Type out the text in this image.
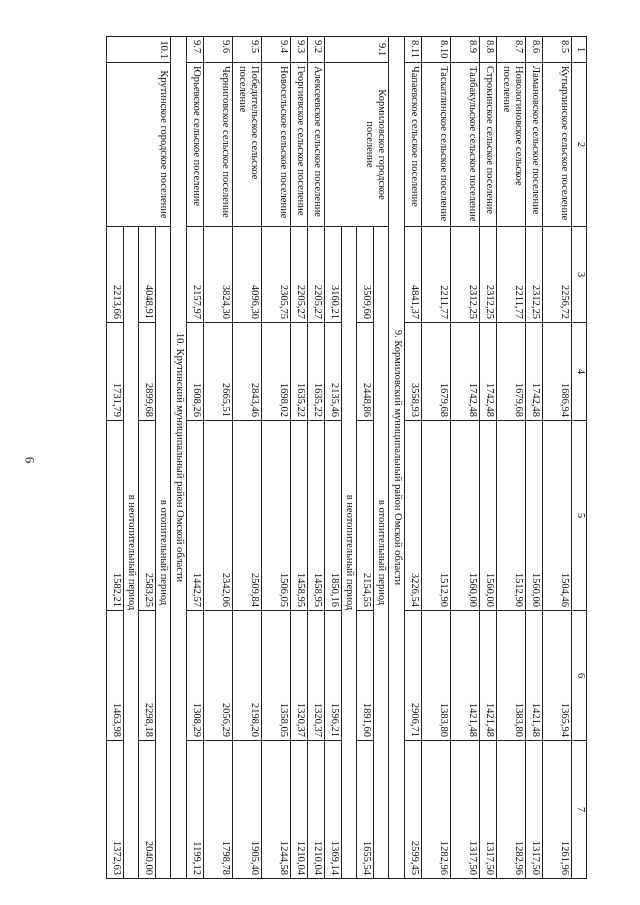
6
1	2	3	4	5	6	7
8.5	Кутырлинское сельское поселение	2256,72	1686,94	1504,46	1365,94	1261,96
8.6	Ламановское сельское поселение	2312,25	1742,48	1560,00	1421,48	1317,50
8.7	Новологиновское сельское поселение	2211,77	1679,68	1512,90	1383,80	1282,96
8.8	Строкинское сельское поселение	2312,25	1742,48	1560,00	1421,48	1317,50
8.9	Талбакульское сельское поселение	2312,25	1742,48	1560,00	1421,48	1317,50
8.10	Таскатлинское сельское поселение	2211,77	1679,68	1512,90	1383,80	1282,96
8.11	Чапаевское сельское поселение	4841,37	3558,93	3226,54	2906,71	2599,45
9. Кормиловский муниципальный район Омской области						
9.1	Кормиловское городское поселение	в отопительный период				
		3509,60	2448,86	2154,55	1891,60	1655,54
		в неотопительный период				
		3160,21	2135,46	1850,16	1596,21	1369,14
9.2	Алексеевское сельское поселение	2205,27	1635,22	1458,95	1320,37	1210,04
9.3	Георгиевское сельское поселение	2205,27	1635,22	1458,95	1320,37	1210,04
9.4	Новосельское сельское поселение	2305,75	1698,02	1506,05	1358,05	1244,58
9.5	Победительское сельское поселение	4096,30	2843,46	2509,84	2198,20	1905,40
9.6	Черниговское сельское поселение	3824,30	2665,51	2342,06	2056,29	1798,78
9.7	Юрьевское сельское поселение	2157,97	1608,26	1442,57	1308,29	1199,12
10. Крутинский муниципальный район Омской области						
10.1	Крутинское городское поселение	в отопительный период				
		4048,91	2899,68	2583,25	2298,18	2040,00
		в неотопительный период				
		2213,66	1731,79	1582,21	1463,98	1372,63
